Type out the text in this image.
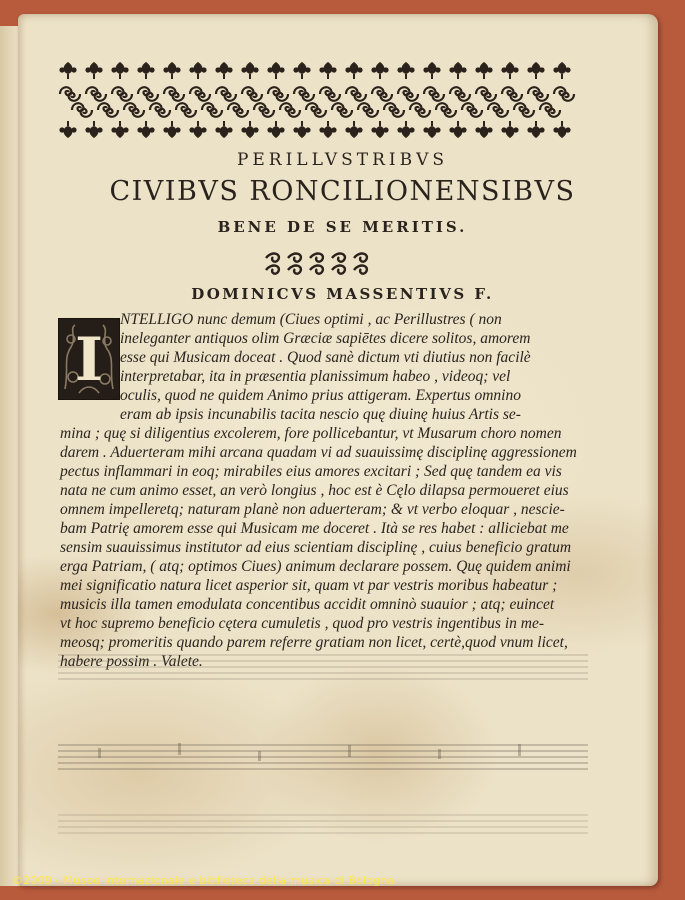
PERILLVSTRIBVS
CIVIBVS RONCILIONENSIBVS
BENE DE SE MERITIS.
DOMINICVS MASSENTIVS F.
I
NTELLIGO nunc demum (Ciues optimi , ac Perillustres ( non
ineleganter antiquos olim Græciæ sapiētes dicere solitos, amorem
esse qui Musicam doceat . Quod sanè dictum vti diutius non facilè
interpretabar, ita in præsentia planissimum habeo , videoq; vel
oculis, quod ne quidem Animo prius attigeram. Expertus omnino
eram ab ipsis incunabilis tacita nescio quę diuinę huius Artis se-
mina ; quę si diligentius excolerem, fore pollicebantur, vt Musarum choro nomen
darem . Aduerteram mihi arcana quadam vi ad suauissimę disciplinę aggressionem
pectus inflammari in eoq; mirabiles eius amores excitari ; Sed quę tandem ea vis
nata ne cum animo esset, an verò longius , hoc est è Cęlo dilapsa permoueret eius
omnem impelleretq; naturam planè non aduerteram; & vt verbo eloquar , nescie-
bam Patrię amorem esse qui Musicam me doceret . Ità se res habet : alliciebat me
sensim suauissimus institutor ad eius scientiam disciplinę , cuius beneficio gratum
erga Patriam, ( atq; optimos Ciues) animum declarare possem. Quę quidem animi
mei significatio natura licet asperior sit, quam vt par vestris moribus habeatur ;
musicis illa tamen emodulata concentibus accidit omninò suauior ; atq; euincet
vt hoc supremo beneficio cętera cumuletis , quod pro vestris ingentibus in me-
meosq; promeritis quando parem referre gratiam non licet, certè,quod vnum licet,
habere possim . Valete.
©2009 - Museo internazionale e biblioteca della musica di Bologna
